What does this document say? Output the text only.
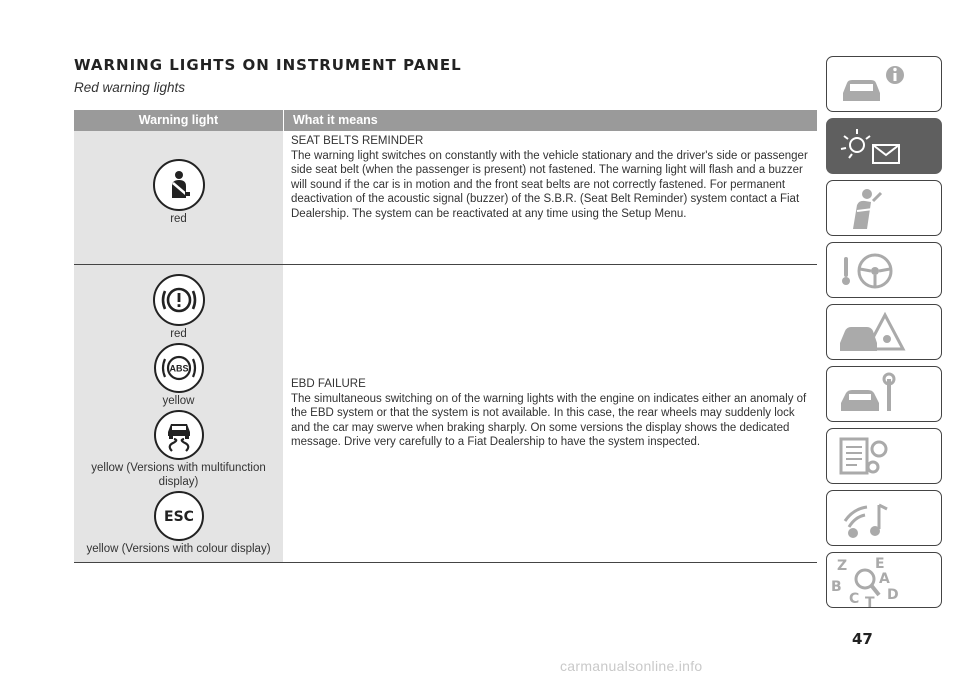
WARNING LIGHTS ON INSTRUMENT PANEL

Red warning lights

Warning light	What it means
red
SEAT BELTS REMINDER
The warning light switches on constantly with the vehicle stationary and the driver's side or passenger side seat belt (when the passenger is present) not fastened. The warning light will flash and a buzzer will sound if the car is in motion and the front seat belts are not correctly fastened. For permanent deactivation of the acoustic signal (buzzer) of the S.B.R. (Seat Belt Reminder) system contact a Fiat Dealership. The system can be reactivated at any time using the Setup Menu.
red
ABS
yellow
yellow (Versions with multifunction display)
ESC
yellow (Versions with colour display)

EBD FAILURE

The simultaneous switching on of the warning lights with the engine on indicates either an anomaly of the EBD system or that the system is not available. In this case, the rear wheels may suddenly lock and the car may swerve when braking sharply. On some versions the display shows the dedicated message. Drive very carefully to a Fiat Dealership to have the system inspected.

47
Z E
A
B
C T D
carmanualsonline.info
